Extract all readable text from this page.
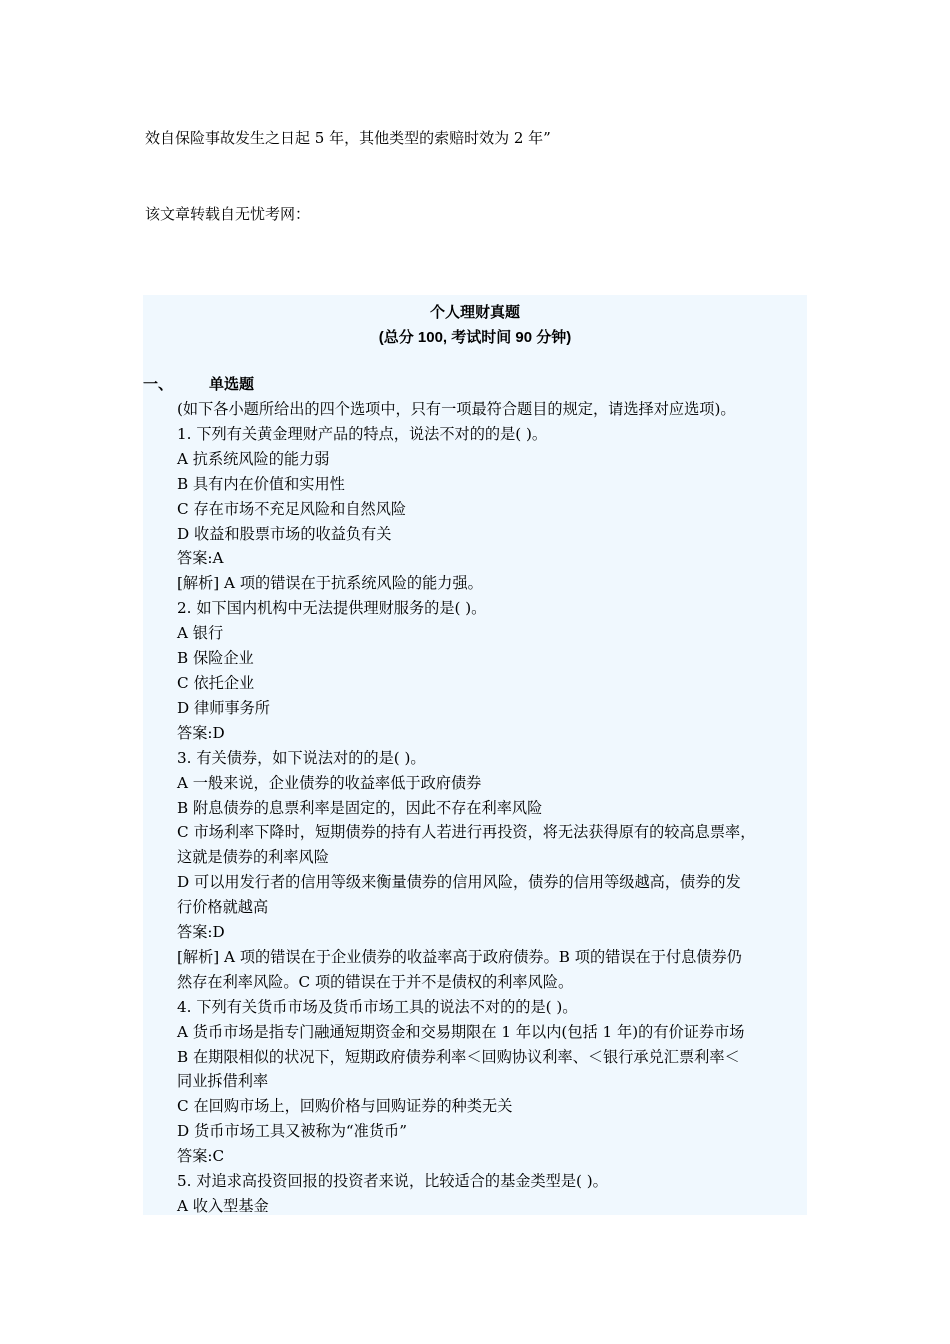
效自保险事故发生之日起 5 年，其他类型的索赔时效为 2 年”
该文章转载自无忧考网：
个人理财真题
(总分 100, 考试时间 90 分钟)
一、 单选题
(如下各小题所给出的四个选项中，只有一项最符合题目的规定，请选择对应选项)。
1. 下列有关黄金理财产品的特点，说法不对的的是( )。
A 抗系统风险的能力弱
B 具有内在价值和实用性
C 存在市场不充足风险和自然风险
D 收益和股票市场的收益负有关
答案:A
[解析] A 项的错误在于抗系统风险的能力强。
2. 如下国内机构中无法提供理财服务的是( )。
A 银行
B 保险企业
C 依托企业
D 律师事务所
答案:D
3. 有关债券，如下说法对的的是( )。
A 一般来说，企业债券的收益率低于政府债券
B 附息债券的息票利率是固定的，因此不存在利率风险
C 市场利率下降时，短期债券的持有人若进行再投资，将无法获得原有的较高息票率，
这就是债券的利率风险
D 可以用发行者的信用等级来衡量债券的信用风险，债券的信用等级越高，债券的发
行价格就越高
答案:D
[解析] A 项的错误在于企业债券的收益率高于政府债券。B 项的错误在于付息债券仍
然存在利率风险。C 项的错误在于并不是债权的利率风险。
4. 下列有关货币市场及货币市场工具的说法不对的的是( )。
A 货币市场是指专门融通短期资金和交易期限在 1 年以内(包括 1 年)的有价证券市场
B 在期限相似的状况下，短期政府债券利率＜回购协议利率、＜银行承兑汇票利率＜
同业拆借利率
C 在回购市场上，回购价格与回购证券的种类无关
D 货币市场工具又被称为“准货币”
答案:C
5. 对追求高投资回报的投资者来说，比较适合的基金类型是( )。
A 收入型基金
